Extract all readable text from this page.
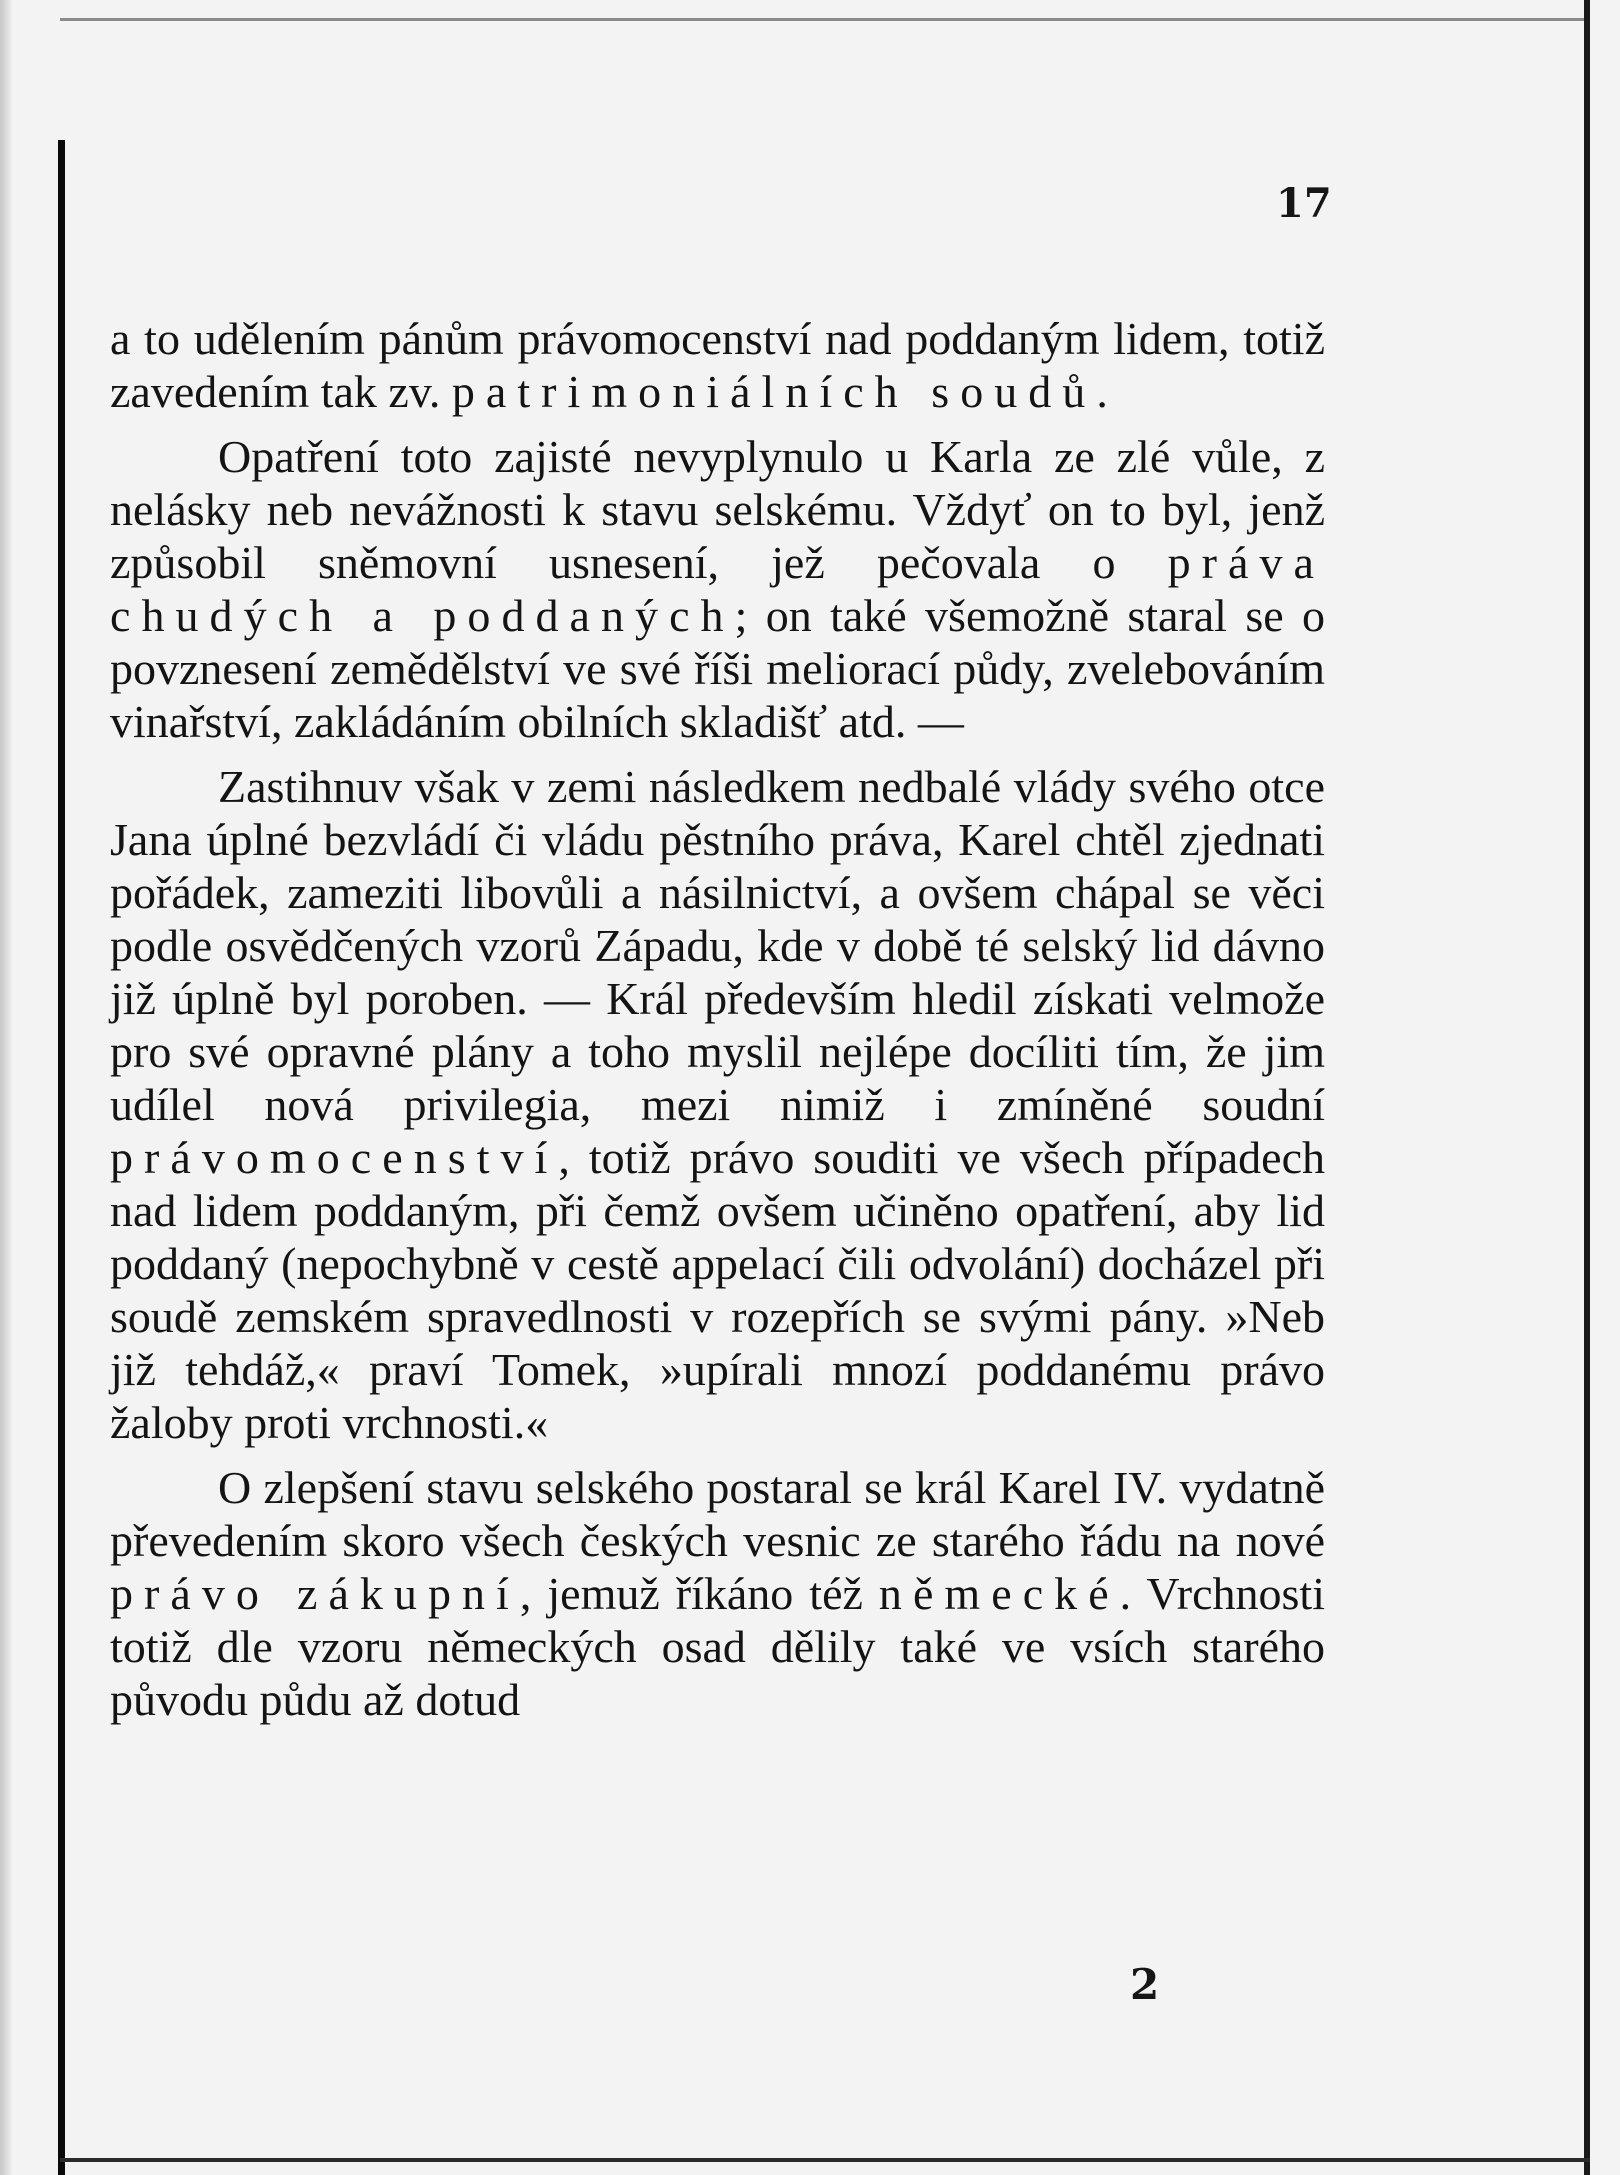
17

a to udělením pánům právomocenství nad poddaným lidem, totiž zavedením tak zv. patrimoniálních soudů.

Opatření toto zajisté nevyplynulo u Karla ze zlé vůle, z nelásky neb nevážnosti k stavu selskému. Vždyť on to byl, jenž způsobil sněmovní usnesení, jež pečovala o práva chudých a poddaných; on také všemožně staral se o povznesení zemědělství ve své říši meliorací půdy, zvelebováním vinařství, zakládáním obilních skladišť atd. —

Zastihnuv však v zemi následkem nedbalé vlády svého otce Jana úplné bezvládí či vládu pěstního práva, Karel chtěl zjednati pořádek, zameziti libovůli a násilnictví, a ovšem chápal se věci podle osvědčených vzorů Západu, kde v době té selský lid dávno již úplně byl poroben. — Král především hledil získati velmože pro své opravné plány a toho myslil nejlépe docíliti tím, že jim udílel nová privilegia, mezi nimiž i zmíněné soudní právomocenství, totiž právo souditi ve všech případech nad lidem poddaným, při čemž ovšem učiněno opatření, aby lid poddaný (nepochybně v cestě appelací čili odvolání) docházel při soudě zemském spravedlnosti v rozepřích se svými pány. »Neb již tehdáž,« praví Tomek, »upírali mnozí poddanému právo žaloby proti vrchnosti.«

O zlepšení stavu selského postaral se král Karel IV. vydatně převedením skoro všech českých vesnic ze starého řádu na nové právo zákupní, jemuž říkáno též německé. Vrchnosti totiž dle vzoru německých osad dělily také ve vsích starého původu půdu až dotud

2
